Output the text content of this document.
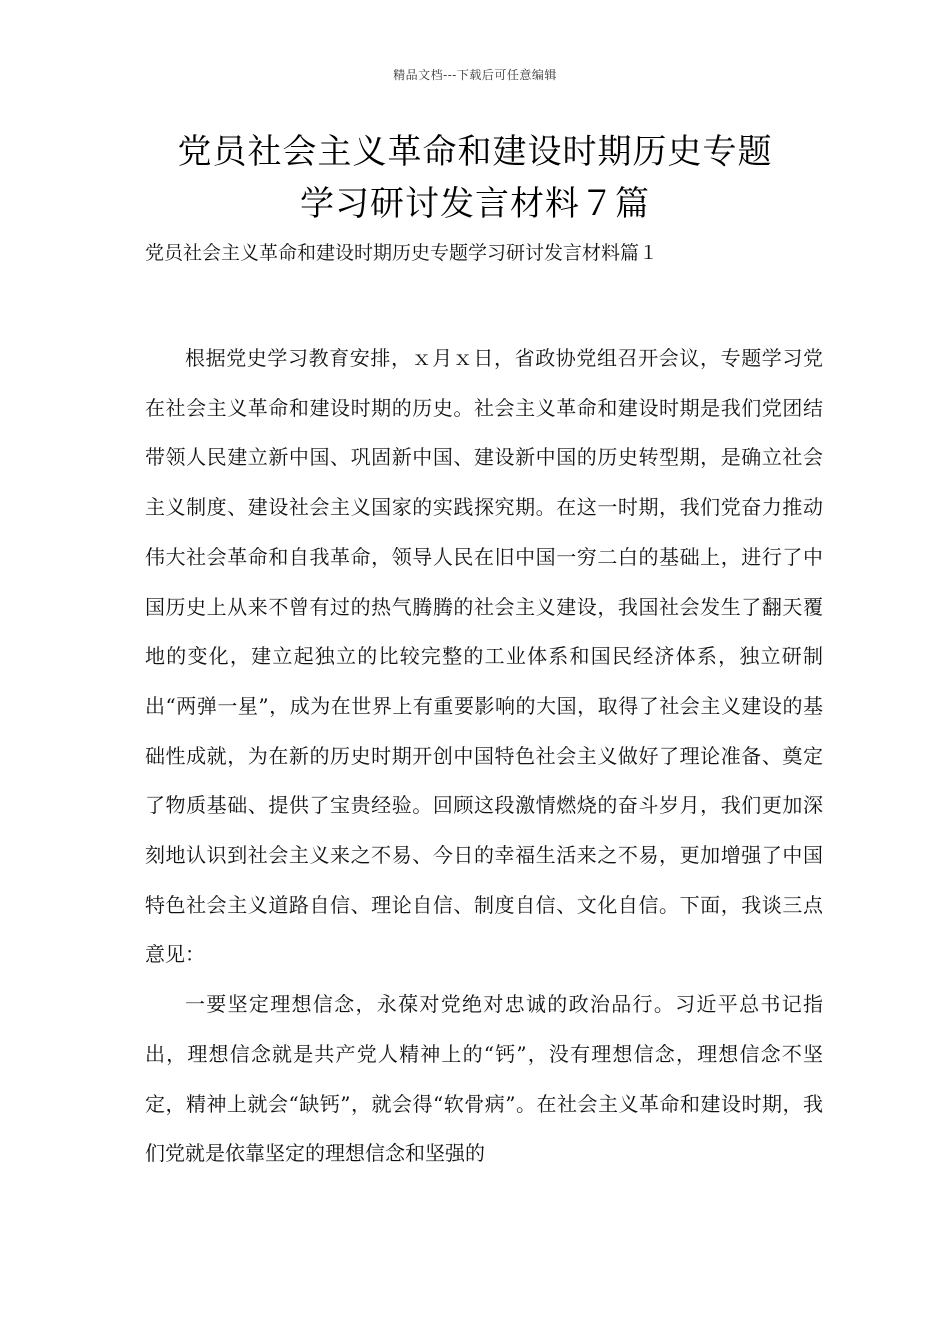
精品文档---下载后可任意编辑
党员社会主义革命和建设时期历史专题
学习研讨发言材料７篇
党员社会主义革命和建设时期历史专题学习研讨发言材料篇１

根据党史学习教育安排，ｘ月ｘ日，省政协党组召开会议，专题学习党在社会主义革命和建设时期的历史。社会主义革命和建设时期是我们党团结带领人民建立新中国、巩固新中国、建设新中国的历史转型期，是确立社会主义制度、建设社会主义国家的实践探究期。在这一时期，我们党奋力推动伟大社会革命和自我革命，领导人民在旧中国一穷二白的基础上，进行了中国历史上从来不曾有过的热气腾腾的社会主义建设，我国社会发生了翻天覆地的变化，建立起独立的比较完整的工业体系和国民经济体系，独立研制出“两弹一星”，成为在世界上有重要影响的大国，取得了社会主义建设的基础性成就，为在新的历史时期开创中国特色社会主义做好了理论准备、奠定了物质基础、提供了宝贵经验。回顾这段激情燃烧的奋斗岁月，我们更加深刻地认识到社会主义来之不易、今日的幸福生活来之不易，更加增强了中国特色社会主义道路自信、理论自信、制度自信、文化自信。下面，我谈三点意见：

一要坚定理想信念，永葆对党绝对忠诚的政治品行。习近平总书记指出，理想信念就是共产党人精神上的“钙”，没有理想信念，理想信念不坚定，精神上就会“缺钙”，就会得“软骨病”。在社会主义革命和建设时期，我们党就是依靠坚定的理想信念和坚强的
